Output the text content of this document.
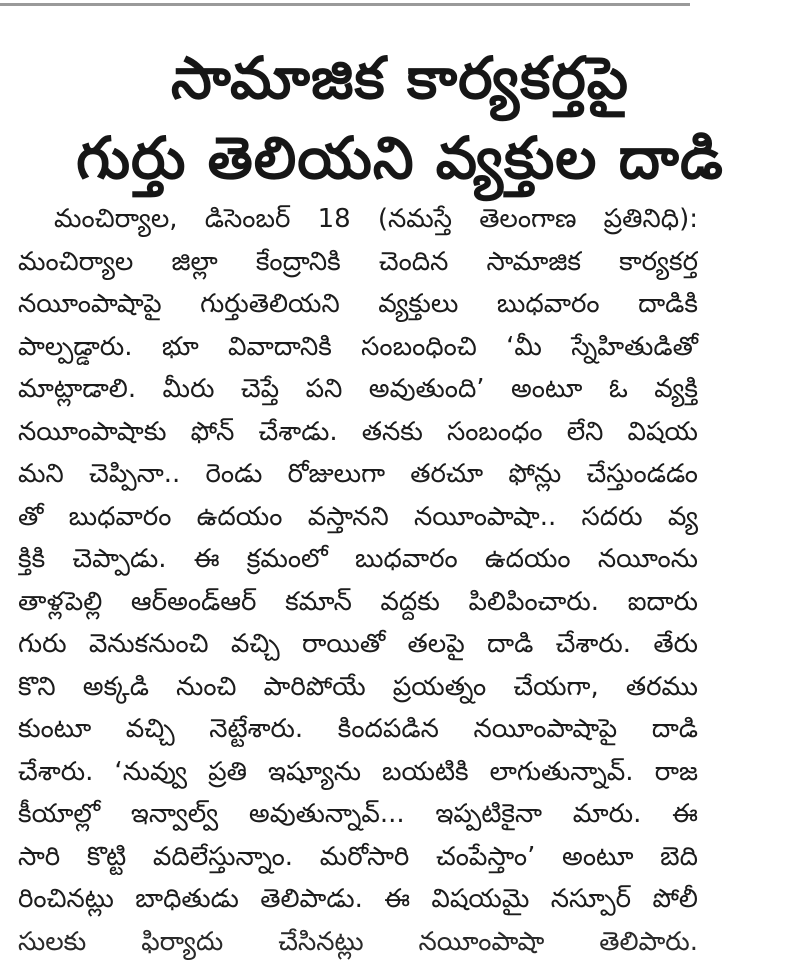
సామాజిక కార్యకర్తపై
గుర్తు తెలియని వ్యక్తుల దాడి
మంచిర్యాల, డిసెంబర్ 18 (నమస్తే తెలంగాణ ప్రతినిధి):
మంచిర్యాల జిల్లా కేంద్రానికి చెందిన సామాజిక కార్యకర్త
నయీంపాషాపై గుర్తుతెలియని వ్యక్తులు బుధవారం దాడికి
పాల్పడ్డారు. భూ వివాదానికి సంబంధించి ‘మీ స్నేహితుడితో
మాట్లాడాలి. మీరు చెప్తే పని అవుతుంది’ అంటూ ఓ వ్యక్తి
నయీంపాషాకు ఫోన్ చేశాడు. తనకు సంబంధం లేని విషయ
మని చెప్పినా.. రెండు రోజులుగా తరచూ ఫోన్లు చేస్తుండడం
తో బుధవారం ఉదయం వస్తానని నయీంపాషా.. సదరు వ్య
క్తికి చెప్పాడు. ఈ క్రమంలో బుధవారం ఉదయం నయీంను
తాళ్లపెల్లి ఆర్అండ్ఆర్ కమాన్ వద్దకు పిలిపించారు. ఐదారు
గురు వెనుకనుంచి వచ్చి రాయితో తలపై దాడి చేశారు. తేరు
కొని అక్కడి నుంచి పారిపోయే ప్రయత్నం చేయగా, తరము
కుంటూ వచ్చి నెట్టేశారు. కిందపడిన నయీంపాషాపై దాడి
చేశారు. ‘నువ్వు ప్రతి ఇష్యూను బయటికి లాగుతున్నావ్. రాజ
కీయాల్లో ఇన్వాల్వ్ అవుతున్నావ్... ఇప్పటికైనా మారు. ఈ
సారి కొట్టి వదిలేస్తున్నాం. మరోసారి చంపేస్తాం’ అంటూ బెది
రించినట్లు బాధితుడు తెలిపాడు. ఈ విషయమై నస్పూర్ పోలీ
సులకు ఫిర్యాదు చేసినట్లు నయీంపాషా తెలిపారు.
